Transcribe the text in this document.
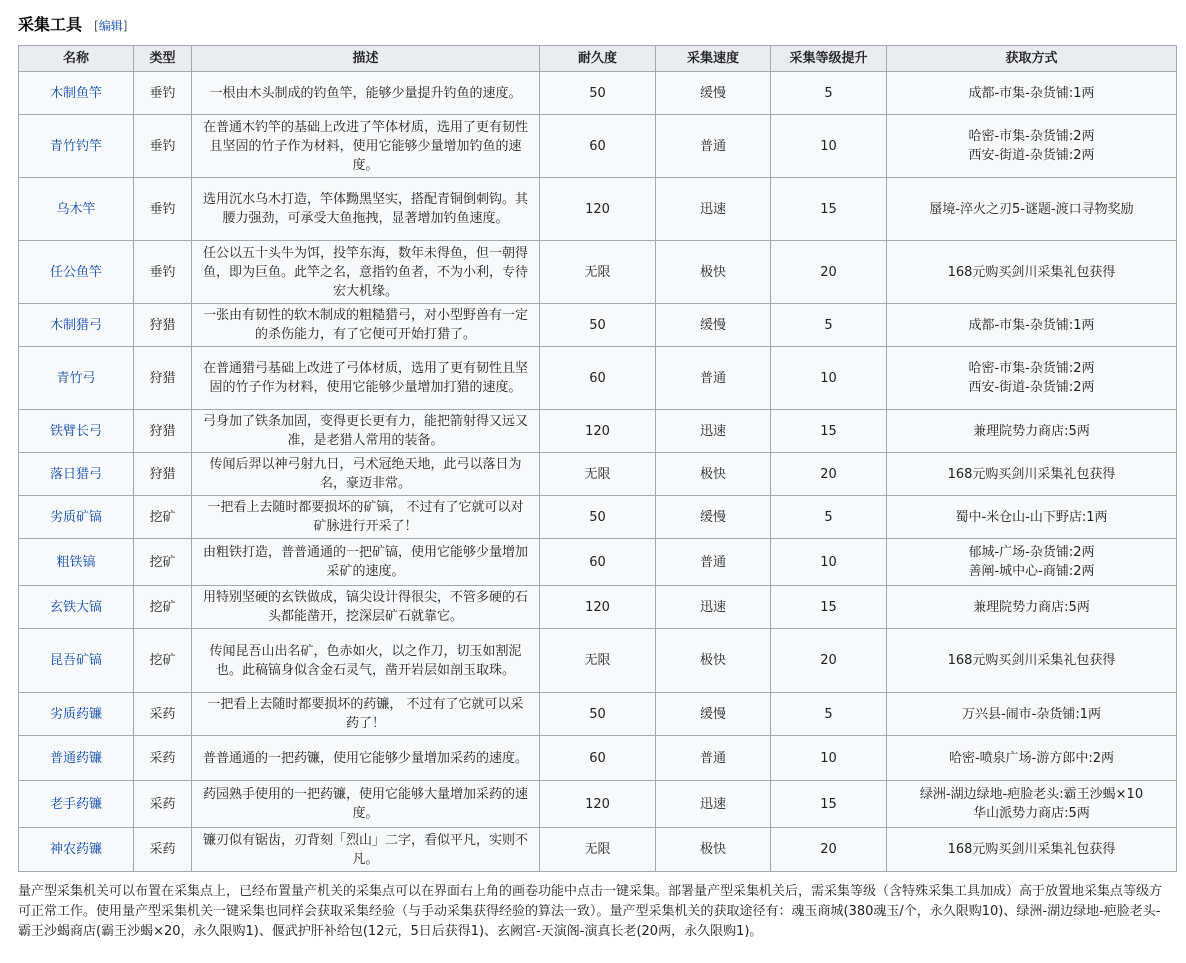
采集工具 [编辑]
名称	类型	描述	耐久度	采集速度	采集等级提升	获取方式
木制鱼竿	垂钓	一根由木头制成的钓鱼竿，能够少量提升钓鱼的速度。	50	缓慢	5	成都-市集-杂货铺:1两

青竹钓竿	垂钓	在普通木钓竿的基础上改进了竿体材质，选用了更有韧性且坚固的竹子作为材料，使用它能够少量增加钓鱼的速度。	60	普通	10	哈密-市集-杂货铺:2两
西安-街道-杂货铺:2两

乌木竿	垂钓	选用沉水乌木打造，竿体黝黑坚实，搭配青铜倒刺钩。其腰力强劲，可承受大鱼拖拽，显著增加钓鱼速度。	120	迅速	15	蜃境-淬火之刃5-谜题-渡口寻物奖励

任公鱼竿	垂钓	任公以五十头牛为饵，投竿东海，数年未得鱼，但一朝得鱼，即为巨鱼。此竿之名，意指钓鱼者，不为小利，专待宏大机缘。	无限	极快	20	168元购买剑川采集礼包获得

木制猎弓	狩猎	一张由有韧性的软木制成的粗糙猎弓，对小型野兽有一定的杀伤能力，有了它便可开始打猎了。	50	缓慢	5	成都-市集-杂货铺:1两

青竹弓	狩猎	在普通猎弓基础上改进了弓体材质，选用了更有韧性且坚固的竹子作为材料，使用它能够少量增加打猎的速度。	60	普通	10	哈密-市集-杂货铺:2两
西安-街道-杂货铺:2两

铁臂长弓	狩猎	弓身加了铁条加固，变得更长更有力，能把箭射得又远又准，是老猎人常用的装备。	120	迅速	15	兼理院势力商店:5两

落日猎弓	狩猎	传闻后羿以神弓射九日，弓术冠绝天地，此弓以落日为名，豪迈非常。	无限	极快	20	168元购买剑川采集礼包获得

劣质矿镐	挖矿	一把看上去随时都要损坏的矿镐， 不过有了它就可以对矿脉进行开采了！	50	缓慢	5	蜀中-米仓山-山下野店:1两

粗铁镐	挖矿	由粗铁打造，普普通通的一把矿镐，使用它能够少量增加采矿的速度。	60	普通	10	郁城-广场-杂货铺:2两
善阐-城中心-商铺:2两

玄铁大镐	挖矿	用特别坚硬的玄铁做成，镐尖设计得很尖，不管多硬的石头都能凿开，挖深层矿石就靠它。	120	迅速	15	兼理院势力商店:5两

昆吾矿镐	挖矿	传闻昆吾山出名矿，色赤如火，以之作刀，切玉如割泥也。此稿镐身似含金石灵气，凿开岩层如剖玉取珠。	无限	极快	20	168元购买剑川采集礼包获得

劣质药镰	采药	一把看上去随时都要损坏的药镰， 不过有了它就可以采药了！	50	缓慢	5	万兴县-闹市-杂货铺:1两

普通药镰	采药	普普通通的一把药镰，使用它能够少量增加采药的速度。	60	普通	10	哈密-喷泉广场-游方郎中:2两

老手药镰	采药	药园熟手使用的一把药镰，使用它能够大量增加采药的速度。	120	迅速	15	绿洲-湖边绿地-疤脸老头:霸王沙蝎×10
华山派势力商店:5两

神农药镰	采药	镰刃似有锯齿，刃背刻「烈山」二字，看似平凡，实则不凡。	无限	极快	20	168元购买剑川采集礼包获得
量产型采集机关可以布置在采集点上，已经布置量产机关的采集点可以在界面右上角的画卷功能中点击一键采集。部署量产型采集机关后，需采集等级（含特殊采集工具加成）高于放置地采集点等级方可正常工作。使用量产型采集机关一键采集也同样会获取采集经验（与手动采集获得经验的算法一致）。量产型采集机关的获取途径有：魂玉商城(380魂玉/个，永久限购10)、绿洲-湖边绿地-疤脸老头-霸王沙蝎商店(霸王沙蝎×20，永久限购1)、偃武护肝补给包(12元，5日后获得1)、玄阙宫-天演阁-演真长老(20两，永久限购1)。
